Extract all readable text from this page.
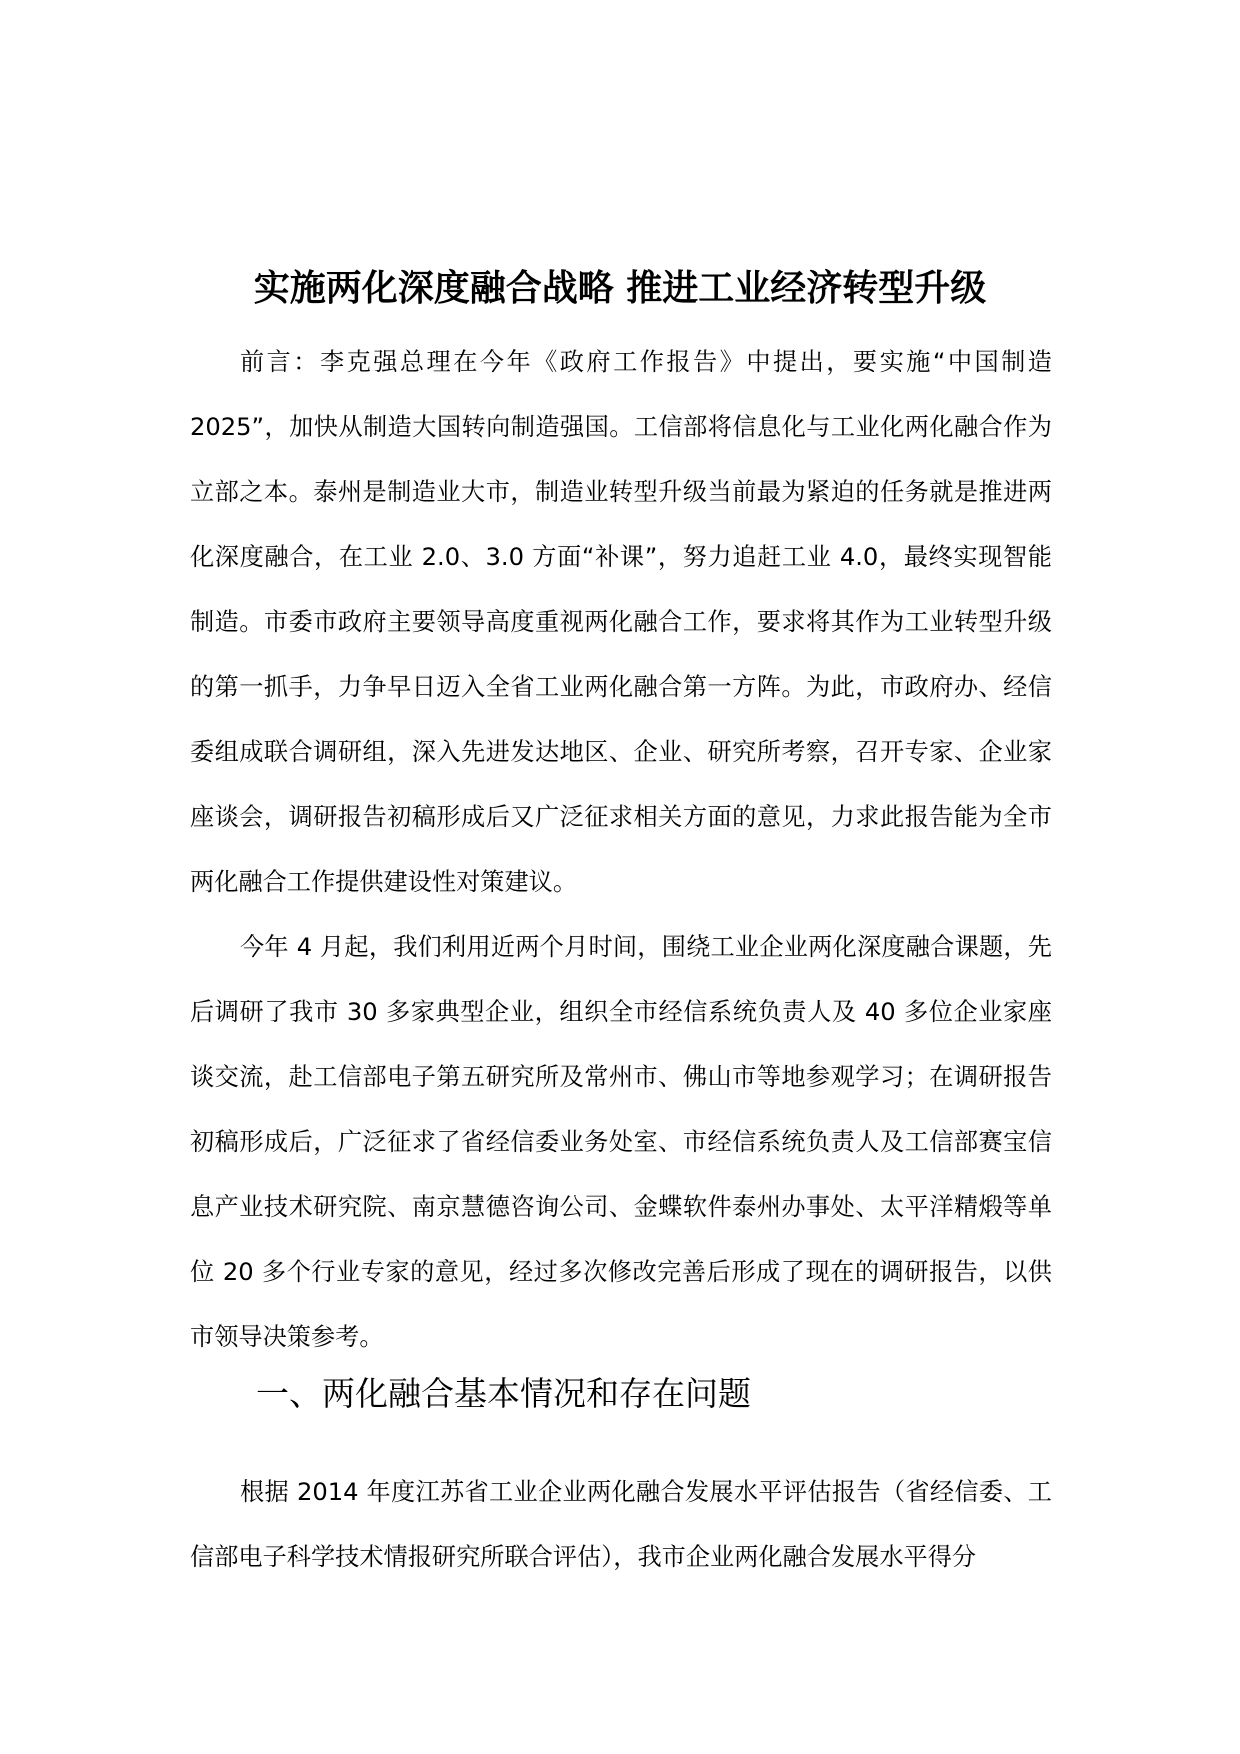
实施两化深度融合战略 推进工业经济转型升级

前言：李克强总理在今年《政府工作报告》中提出，要实施“中国制造 2025”，加快从制造大国转向制造强国。工信部将信息化与工业化两化融合作为立部之本。泰州是制造业大市，制造业转型升级当前最为紧迫的任务就是推进两化深度融合，在工业 2.0、3.0 方面“补课”，努力追赶工业 4.0，最终实现智能制造。市委市政府主要领导高度重视两化融合工作，要求将其作为工业转型升级的第一抓手，力争早日迈入全省工业两化融合第一方阵。为此，市政府办、经信委组成联合调研组，深入先进发达地区、企业、研究所考察，召开专家、企业家座谈会，调研报告初稿形成后又广泛征求相关方面的意见，力求此报告能为全市两化融合工作提供建设性对策建议。

今年 4 月起，我们利用近两个月时间，围绕工业企业两化深度融合课题，先后调研了我市 30 多家典型企业，组织全市经信系统负责人及 40 多位企业家座谈交流，赴工信部电子第五研究所及常州市、佛山市等地参观学习；在调研报告初稿形成后，广泛征求了省经信委业务处室、市经信系统负责人及工信部赛宝信息产业技术研究院、南京慧德咨询公司、金蝶软件泰州办事处、太平洋精煅等单位 20 多个行业专家的意见，经过多次修改完善后形成了现在的调研报告，以供市领导决策参考。

一、两化融合基本情况和存在问题

根据 2014 年度江苏省工业企业两化融合发展水平评估报告（省经信委、工信部电子科学技术情报研究所联合评估），我市企业两化融合发展水平得分
